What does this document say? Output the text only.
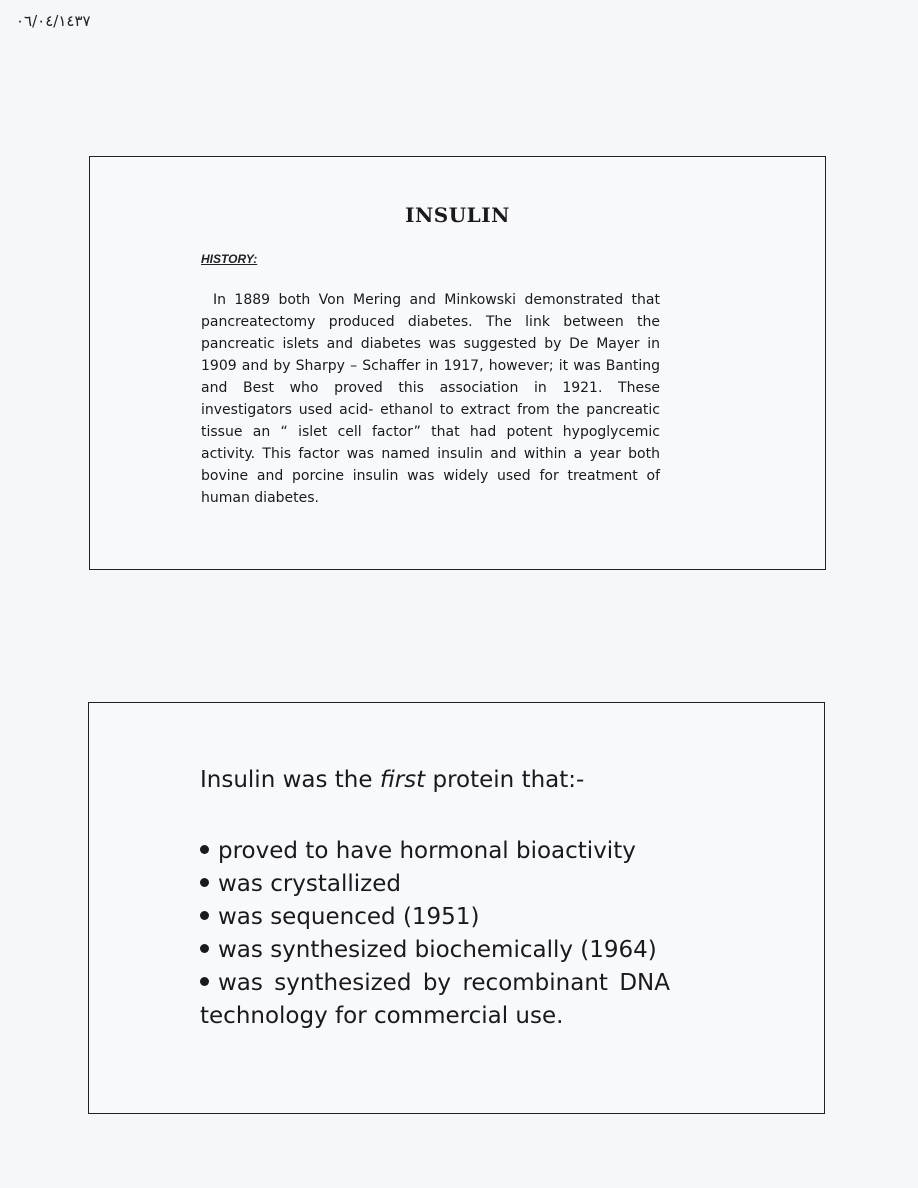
٠٦/٠٤/١٤٣٧
INSULIN
HISTORY:

In 1889 both Von Mering and Minkowski demonstrated that pancreatectomy produced diabetes. The link between the pancreatic islets and diabetes was suggested by De Mayer in 1909 and by Sharpy – Schaffer in 1917, however; it was Banting and Best who proved this association in 1921. These investigators used acid- ethanol to extract from the pancreatic tissue an “ islet cell factor” that had potent hypoglycemic activity. This factor was named insulin and within a year both bovine and porcine insulin was widely used for treatment of human diabetes.

Insulin was the first protein that:-
proved to have hormonal bioactivity
was crystallized
was sequenced (1951)
was synthesized biochemically (1964)
was synthesized by recombinant DNA technology for commercial use.
